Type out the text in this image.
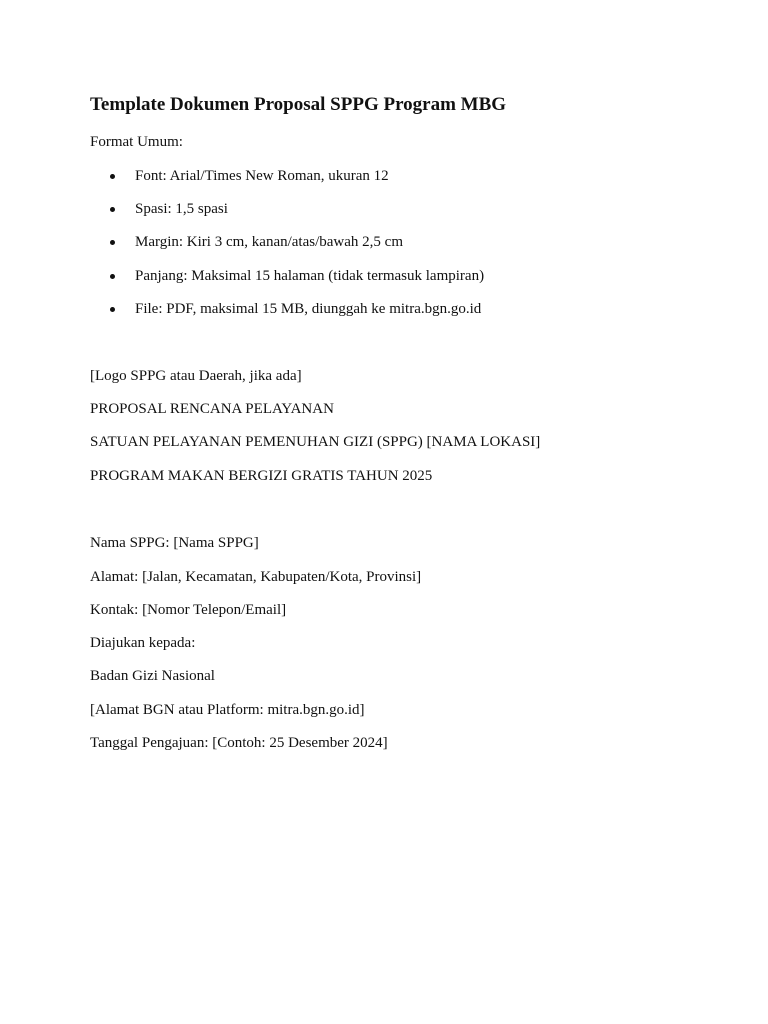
Template Dokumen Proposal SPPG Program MBG

Format Umum:

Font: Arial/Times New Roman, ukuran 12
Spasi: 1,5 spasi
Margin: Kiri 3 cm, kanan/atas/bawah 2,5 cm
Panjang: Maksimal 15 halaman (tidak termasuk lampiran)
File: PDF, maksimal 15 MB, diunggah ke mitra.bgn.go.id

[Logo SPPG atau Daerah, jika ada]

PROPOSAL RENCANA PELAYANAN

SATUAN PELAYANAN PEMENUHAN GIZI (SPPG) [NAMA LOKASI]

PROGRAM MAKAN BERGIZI GRATIS TAHUN 2025

Nama SPPG: [Nama SPPG]

Alamat: [Jalan, Kecamatan, Kabupaten/Kota, Provinsi]

Kontak: [Nomor Telepon/Email]

Diajukan kepada:

Badan Gizi Nasional

[Alamat BGN atau Platform: mitra.bgn.go.id]

Tanggal Pengajuan: [Contoh: 25 Desember 2024]
